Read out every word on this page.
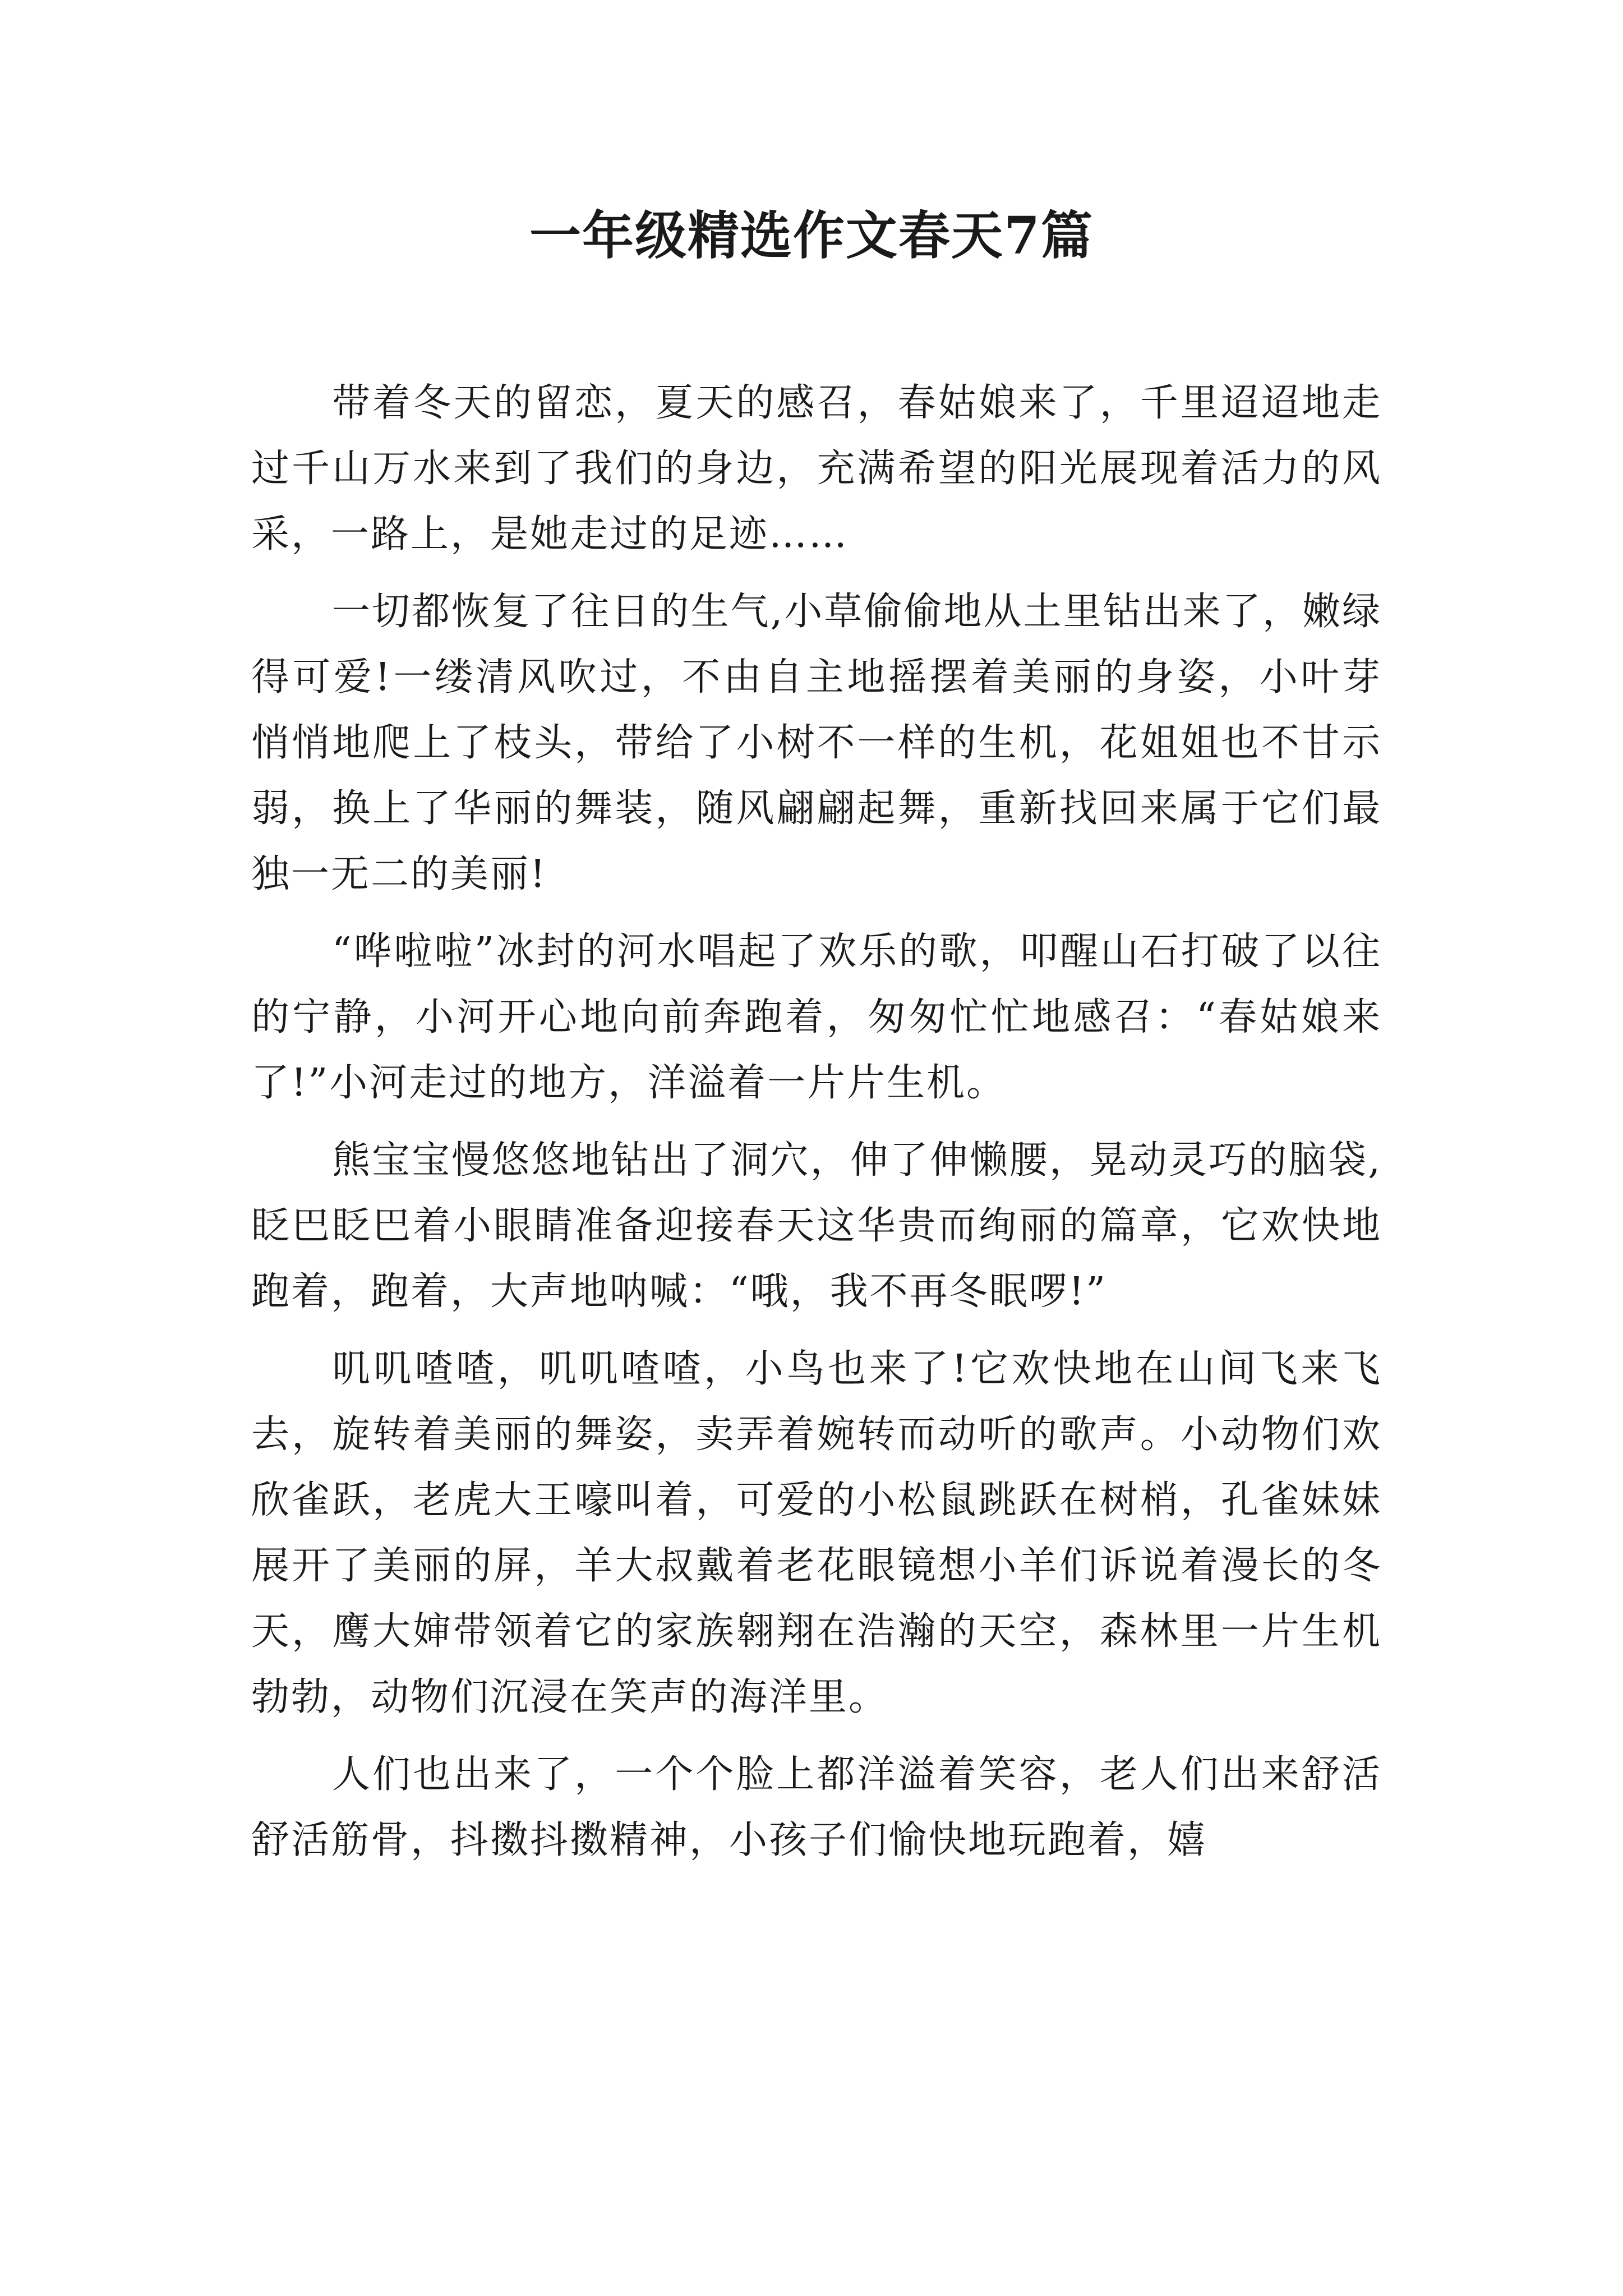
一年级精选作文春天7篇

带着冬天的留恋，夏天的感召，春姑娘来了，千里迢迢地走过千山万水来到了我们的身边，充满希望的阳光展现着活力的风采，一路上，是她走过的足迹……

一切都恢复了往日的生气,小草偷偷地从土里钻出来了，嫩绿得可爱!一缕清风吹过，不由自主地摇摆着美丽的身姿，小叶芽悄悄地爬上了枝头，带给了小树不一样的生机，花姐姐也不甘示弱，换上了华丽的舞装，随风翩翩起舞，重新找回来属于它们最独一无二的美丽!

“哗啦啦”冰封的河水唱起了欢乐的歌，叩醒山石打破了以往的宁静，小河开心地向前奔跑着，匆匆忙忙地感召：“春姑娘来了!”小河走过的地方，洋溢着一片片生机。

熊宝宝慢悠悠地钻出了洞穴，伸了伸懒腰，晃动灵巧的脑袋,眨巴眨巴着小眼睛准备迎接春天这华贵而绚丽的篇章，它欢快地跑着，跑着，大声地呐喊：“哦，我不再冬眠啰!”

叽叽喳喳，叽叽喳喳，小鸟也来了!它欢快地在山间飞来飞去，旋转着美丽的舞姿，卖弄着婉转而动听的歌声。小动物们欢欣雀跃，老虎大王嚎叫着，可爱的小松鼠跳跃在树梢，孔雀妹妹展开了美丽的屏，羊大叔戴着老花眼镜想小羊们诉说着漫长的冬天，鹰大婶带领着它的家族翱翔在浩瀚的天空，森林里一片生机勃勃，动物们沉浸在笑声的海洋里。

人们也出来了，一个个脸上都洋溢着笑容，老人们出来舒活舒活筋骨，抖擞抖擞精神，小孩子们愉快地玩跑着，嬉
